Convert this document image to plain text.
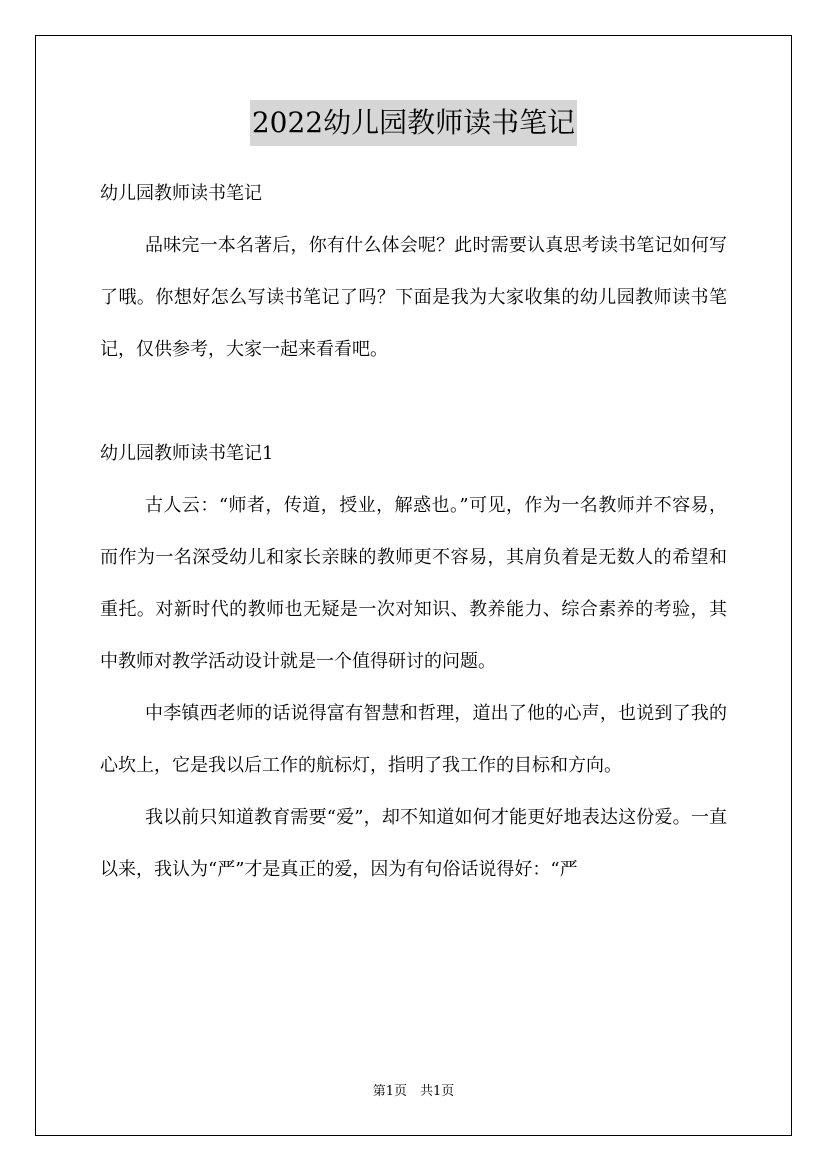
2022幼儿园教师读书笔记

幼儿园教师读书笔记

品味完一本名著后，你有什么体会呢？此时需要认真思考读书笔记如何写了哦。你想好怎么写读书笔记了吗？下面是我为大家收集的幼儿园教师读书笔记，仅供参考，大家一起来看看吧。

幼儿园教师读书笔记1

古人云：“师者，传道，授业，解惑也。”可见，作为一名教师并不容易，而作为一名深受幼儿和家长亲睐的教师更不容易，其肩负着是无数人的希望和重托。对新时代的教师也无疑是一次对知识、教养能力、综合素养的考验，其中教师对教学活动设计就是一个值得研讨的问题。

中李镇西老师的话说得富有智慧和哲理，道出了他的心声，也说到了我的心坎上，它是我以后工作的航标灯，指明了我工作的目标和方向。

我以前只知道教育需要“爱”，却不知道如何才能更好地表达这份爱。一直以来，我认为“严”才是真正的爱，因为有句俗话说得好：“严

第1页　共1页
